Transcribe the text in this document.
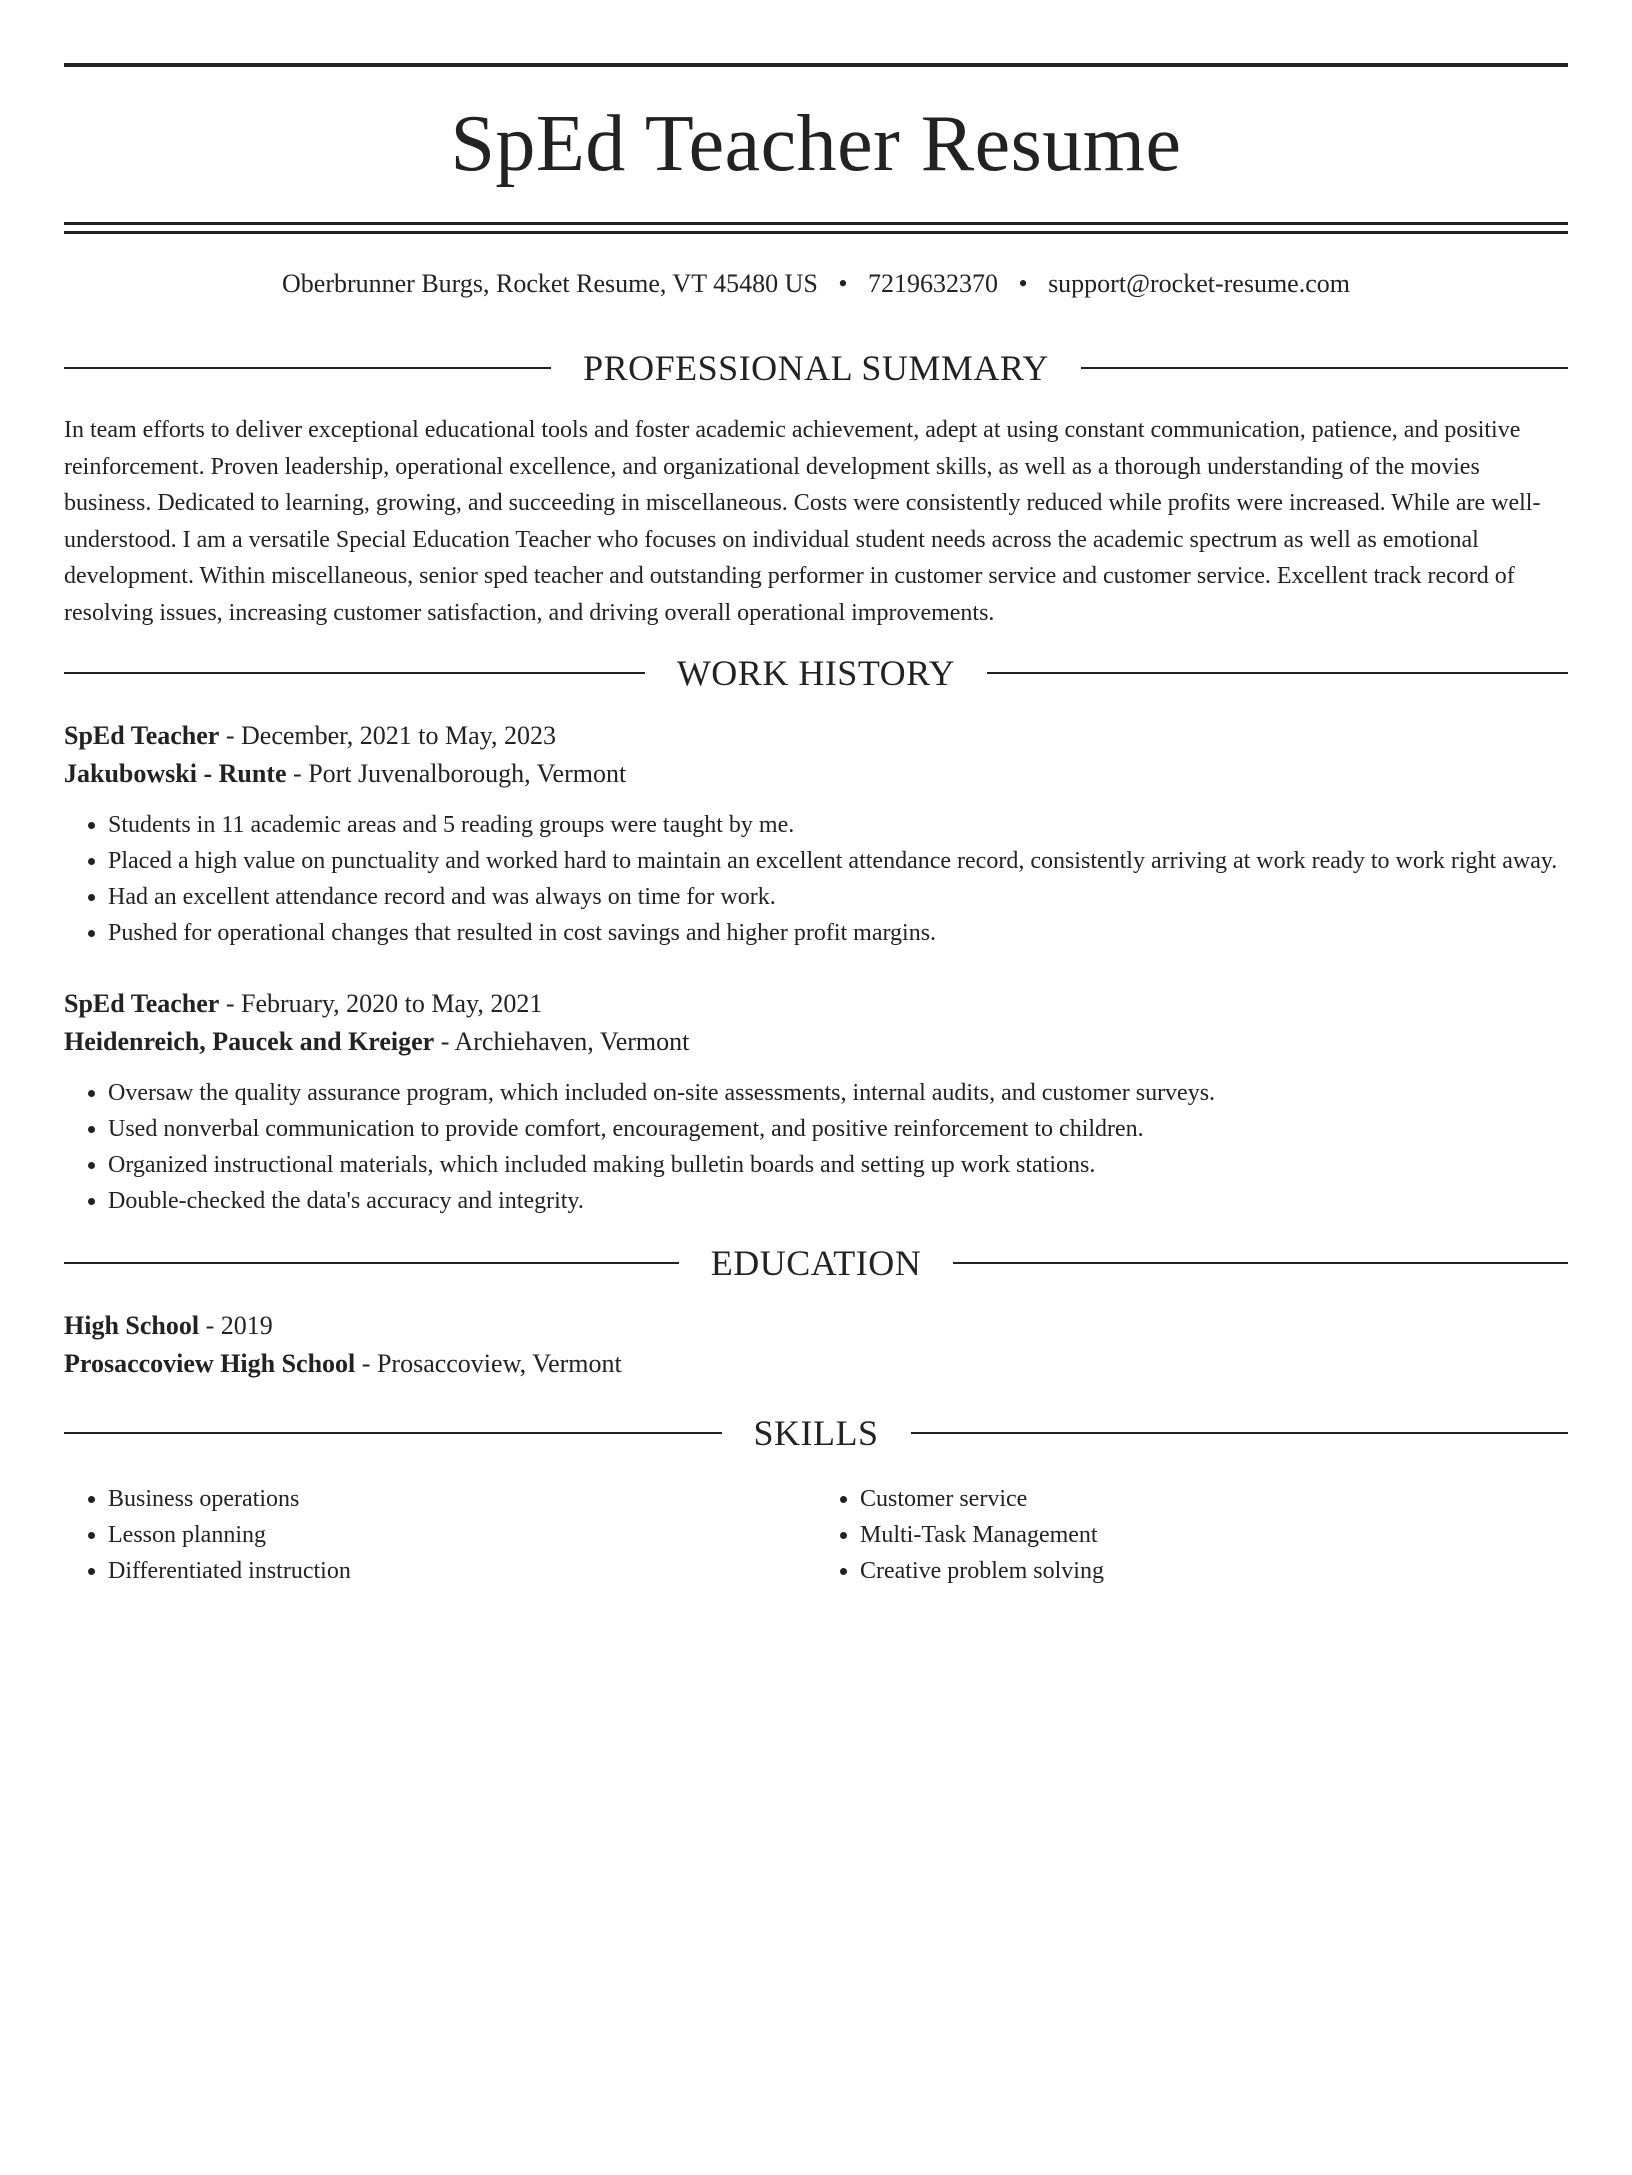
SpEd Teacher Resume
Oberbrunner Burgs, Rocket Resume, VT 45480 US • 7219632370 • support@rocket-resume.com
PROFESSIONAL SUMMARY

In team efforts to deliver exceptional educational tools and foster academic achievement, adept at using constant communication, patience, and positive reinforcement. Proven leadership, operational excellence, and organizational development skills, as well as a thorough understanding of the movies business. Dedicated to learning, growing, and succeeding in miscellaneous. Costs were consistently reduced while profits were increased. While are well-understood. I am a versatile Special Education Teacher who focuses on individual student needs across the academic spectrum as well as emotional development. Within miscellaneous, senior sped teacher and outstanding performer in customer service and customer service. Excellent track record of resolving issues, increasing customer satisfaction, and driving overall operational improvements.

WORK HISTORY
SpEd Teacher - December, 2021 to May, 2023
Jakubowski - Runte - Port Juvenalborough, Vermont
• Students in 11 academic areas and 5 reading groups were taught by me.
• Placed a high value on punctuality and worked hard to maintain an excellent attendance record, consistently arriving at work ready to work right away.
• Had an excellent attendance record and was always on time for work.
• Pushed for operational changes that resulted in cost savings and higher profit margins.
SpEd Teacher - February, 2020 to May, 2021
Heidenreich, Paucek and Kreiger - Archiehaven, Vermont
• Oversaw the quality assurance program, which included on-site assessments, internal audits, and customer surveys.
• Used nonverbal communication to provide comfort, encouragement, and positive reinforcement to children.
• Organized instructional materials, which included making bulletin boards and setting up work stations.
• Double-checked the data's accuracy and integrity.
EDUCATION
High School - 2019
Prosaccoview High School - Prosaccoview, Vermont
SKILLS
• Business operations
• Lesson planning
• Differentiated instruction
• Customer service
• Multi-Task Management
• Creative problem solving
